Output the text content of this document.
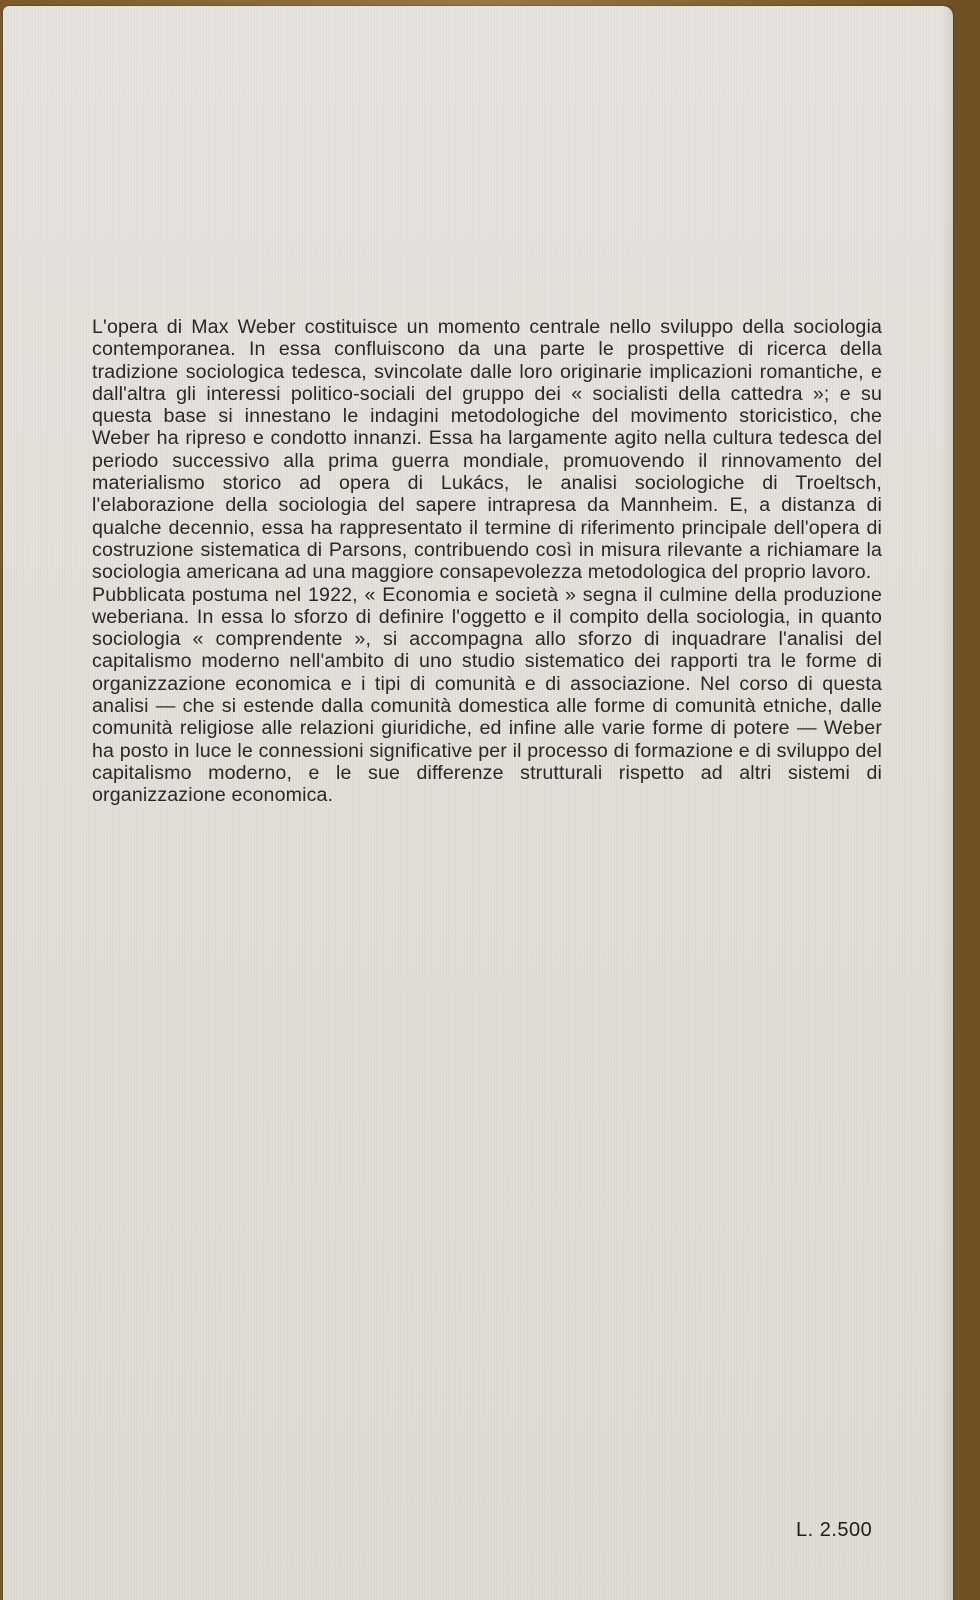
L'opera di Max Weber costituisce un momento centrale nello sviluppo della sociologia contemporanea. In essa confluiscono da una parte le prospettive di ricerca della tradizione sociologica tedesca, svincolate dalle loro originarie implicazioni romantiche, e dall'altra gli interessi politico-sociali del gruppo dei « socialisti della cattedra »; e su questa base si innestano le indagini metodologiche del movimento storicistico, che Weber ha ripreso e condotto innanzi. Essa ha largamente agito nella cultura tedesca del periodo successivo alla prima guerra mondiale, promuovendo il rinnovamento del materialismo storico ad opera di Lukács, le analisi sociologiche di Troeltsch, l'elaborazione della sociologia del sapere intrapresa da Mannheim. E, a distanza di qualche decennio, essa ha rappresentato il termine di riferimento principale dell'opera di costruzione sistematica di Parsons, contribuendo così in misura rilevante a richiamare la sociologia americana ad una maggiore consapevolezza metodologica del proprio lavoro.

Pubblicata postuma nel 1922, « Economia e società » segna il culmine della produzione weberiana. In essa lo sforzo di definire l'oggetto e il compito della sociologia, in quanto sociologia « comprendente », si accompagna allo sforzo di inquadrare l'analisi del capitalismo moderno nell'ambito di uno studio sistematico dei rapporti tra le forme di organizzazione economica e i tipi di comunità e di associazione. Nel corso di questa analisi — che si estende dalla comunità domestica alle forme di comunità etniche, dalle comunità religiose alle relazioni giuridiche, ed infine alle varie forme di potere — Weber ha posto in luce le connessioni significative per il processo di formazione e di sviluppo del capitalismo moderno, e le sue differenze strutturali rispetto ad altri sistemi di organizzazione economica.

L. 2.500
